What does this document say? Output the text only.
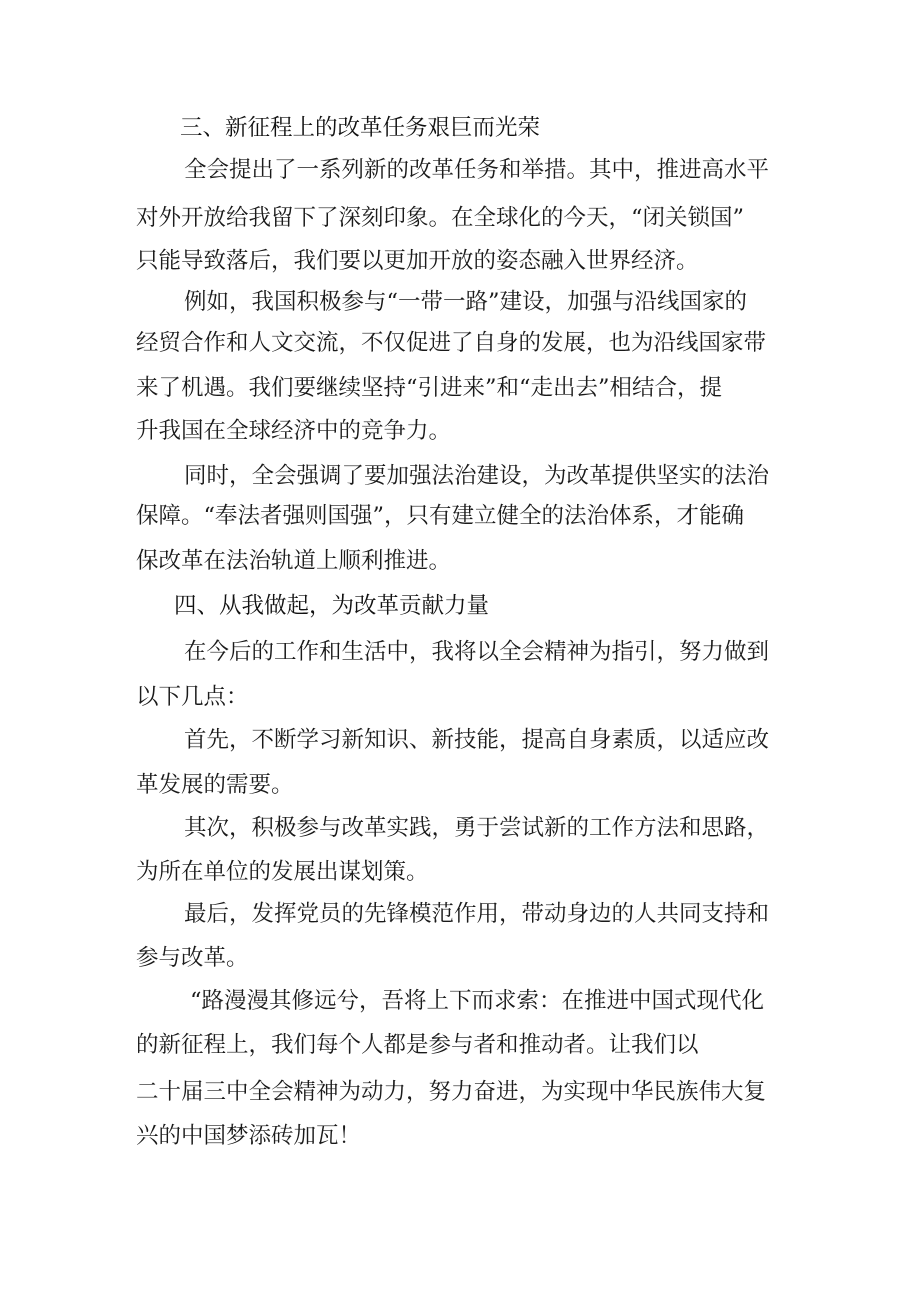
三、新征程上的改革任务艰巨而光荣
全会提出了一系列新的改革任务和举措。其中，推进高水平
对外开放给我留下了深刻印象。在全球化的今天，“闭关锁国”
只能导致落后，我们要以更加开放的姿态融入世界经济。
例如，我国积极参与“一带一路”建设，加强与沿线国家的
经贸合作和人文交流，不仅促进了自身的发展，也为沿线国家带
来了机遇。我们要继续坚持“引进来”和“走出去”相结合，提
升我国在全球经济中的竞争力。
同时，全会强调了要加强法治建设，为改革提供坚实的法治
保障。“奉法者强则国强”，只有建立健全的法治体系，才能确
保改革在法治轨道上顺利推进。
四、从我做起，为改革贡献力量
在今后的工作和生活中，我将以全会精神为指引，努力做到
以下几点：
首先，不断学习新知识、新技能，提高自身素质，以适应改
革发展的需要。
其次，积极参与改革实践，勇于尝试新的工作方法和思路，
为所在单位的发展出谋划策。
最后，发挥党员的先锋模范作用，带动身边的人共同支持和
参与改革。
“路漫漫其修远兮，吾将上下而求索：在推进中国式现代化
的新征程上，我们每个人都是参与者和推动者。让我们以
二十届三中全会精神为动力，努力奋进，为实现中华民族伟大复
兴的中国梦添砖加瓦！
